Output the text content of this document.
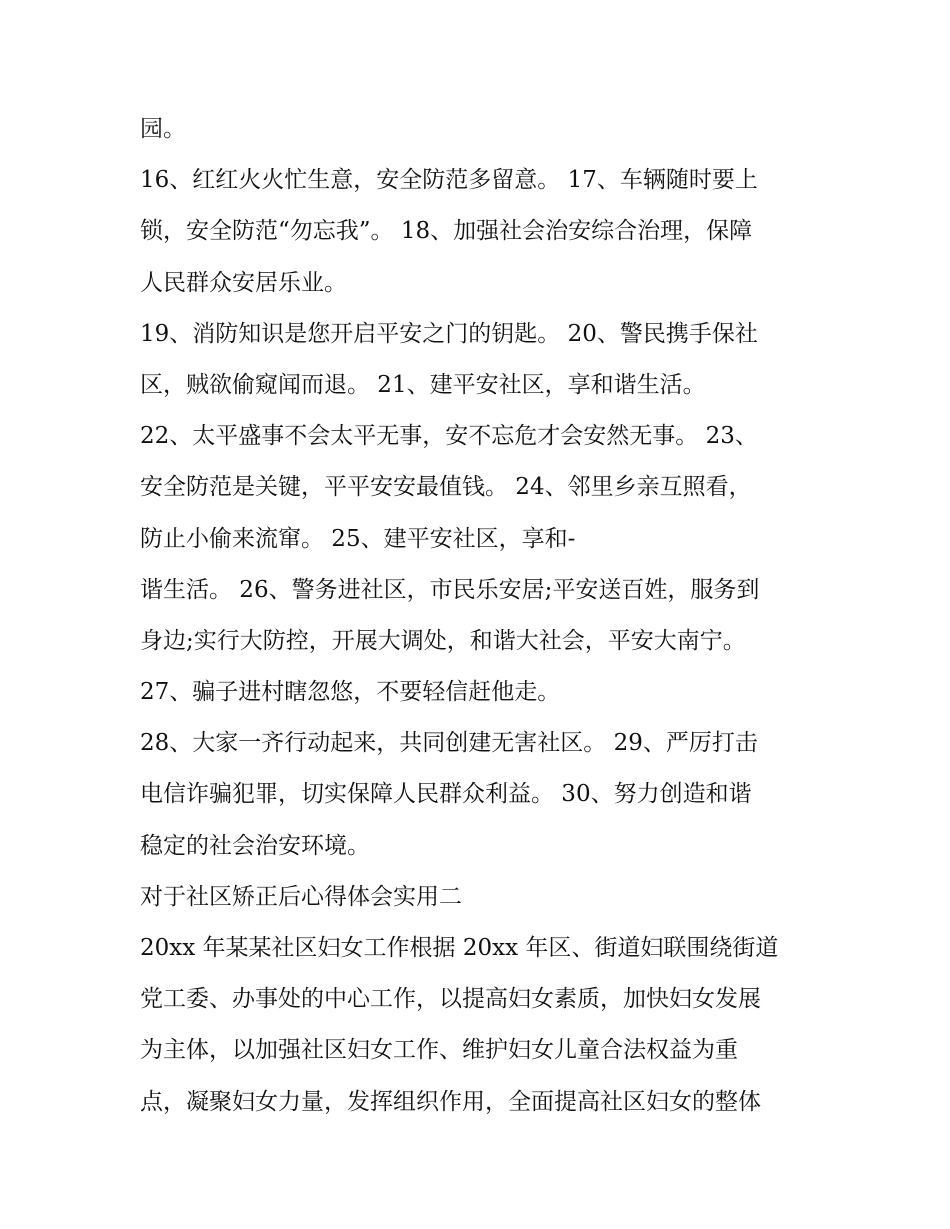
园。
16、红红火火忙生意，安全防范多留意。 17、车辆随时要上
锁，安全防范“勿忘我”。 18、加强社会治安综合治理，保障
人民群众安居乐业。
19、消防知识是您开启平安之门的钥匙。 20、警民携手保社
区，贼欲偷窥闻而退。 21、建平安社区，享和谐生活。
22、太平盛事不会太平无事，安不忘危才会安然无事。 23、
安全防范是关键，平平安安最值钱。 24、邻里乡亲互照看，
防止小偷来流窜。 25、建平安社区，享和-
谐生活。 26、警务进社区，市民乐安居;平安送百姓，服务到
身边;实行大防控，开展大调处，和谐大社会，平安大南宁。
27、骗子进村瞎忽悠，不要轻信赶他走。
28、大家一齐行动起来，共同创建无害社区。 29、严厉打击
电信诈骗犯罪，切实保障人民群众利益。 30、努力创造和谐
稳定的社会治安环境。
对于社区矫正后心得体会实用二
20xx 年某某社区妇女工作根据 20xx 年区、街道妇联围绕街道
党工委、办事处的中心工作，以提高妇女素质，加快妇女发展
为主体，以加强社区妇女工作、维护妇女儿童合法权益为重
点，凝聚妇女力量，发挥组织作用，全面提高社区妇女的整体
